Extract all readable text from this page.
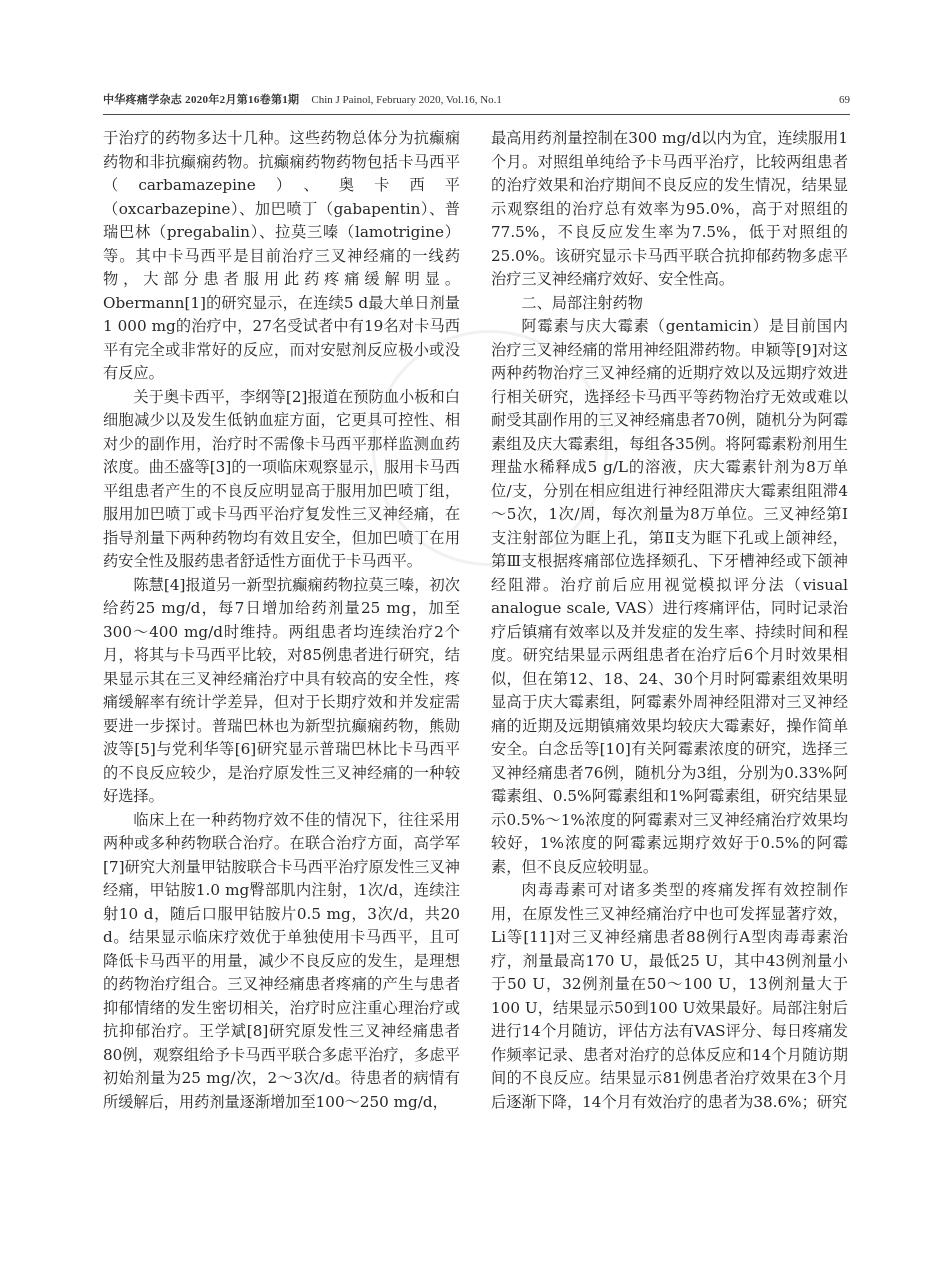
中华疼痛学杂志 2020年2月第16卷第1期 Chin J Painol, February 2020, Vol.16, No.1	69

于治疗的药物多达十几种。这些药物总体分为抗癫痫药物和非抗癫痫药物。抗癫痫药物药物包括卡马西平（carbamazepine）、奥卡西平（oxcarbazepine）、加巴喷丁（gabapentin）、普瑞巴林（pregabalin）、拉莫三嗪（lamotrigine）等。其中卡马西平是目前治疗三叉神经痛的一线药物，大部分患者服用此药疼痛缓解明显。Obermann[1]的研究显示，在连续5 d最大单日剂量1 000 mg的治疗中，27名受试者中有19名对卡马西平有完全或非常好的反应，而对安慰剂反应极小或没有反应。

关于奥卡西平，李纲等[2]报道在预防血小板和白细胞减少以及发生低钠血症方面，它更具可控性、相对少的副作用，治疗时不需像卡马西平那样监测血药浓度。曲丕盛等[3]的一项临床观察显示，服用卡马西平组患者产生的不良反应明显高于服用加巴喷丁组，服用加巴喷丁或卡马西平治疗复发性三叉神经痛，在指导剂量下两种药物均有效且安全，但加巴喷丁在用药安全性及服药患者舒适性方面优于卡马西平。

陈慧[4]报道另一新型抗癫痫药物拉莫三嗪，初次给药25 mg/d，每7日增加给药剂量25 mg，加至300～400 mg/d时维持。两组患者均连续治疗2个月，将其与卡马西平比较，对85例患者进行研究，结果显示其在三叉神经痛治疗中具有较高的安全性，疼痛缓解率有统计学差异，但对于长期疗效和并发症需要进一步探讨。普瑞巴林也为新型抗癫痫药物，熊勋波等[5]与党利华等[6]研究显示普瑞巴林比卡马西平的不良反应较少，是治疗原发性三叉神经痛的一种较好选择。

临床上在一种药物疗效不佳的情况下，往往采用两种或多种药物联合治疗。在联合治疗方面，高学军[7]研究大剂量甲钴胺联合卡马西平治疗原发性三叉神经痛，甲钴胺1.0 mg臀部肌内注射，1次/d，连续注射10 d，随后口服甲钴胺片0.5 mg，3次/d，共20 d。结果显示临床疗效优于单独使用卡马西平，且可降低卡马西平的用量，减少不良反应的发生，是理想的药物治疗组合。三叉神经痛患者疼痛的产生与患者抑郁情绪的发生密切相关，治疗时应注重心理治疗或抗抑郁治疗。王学斌[8]研究原发性三叉神经痛患者80例，观察组给予卡马西平联合多虑平治疗，多虑平初始剂量为25 mg/次，2～3次/d。待患者的病情有所缓解后，用药剂量逐渐增加至100～250 mg/d，

最高用药剂量控制在300 mg/d以内为宜，连续服用1个月。对照组单纯给予卡马西平治疗，比较两组患者的治疗效果和治疗期间不良反应的发生情况，结果显示观察组的治疗总有效率为95.0%，高于对照组的77.5%，不良反应发生率为7.5%，低于对照组的25.0%。该研究显示卡马西平联合抗抑郁药物多虑平治疗三叉神经痛疗效好、安全性高。

二、局部注射药物

阿霉素与庆大霉素（gentamicin）是目前国内治疗三叉神经痛的常用神经阻滞药物。申颖等[9]对这两种药物治疗三叉神经痛的近期疗效以及远期疗效进行相关研究，选择经卡马西平等药物治疗无效或难以耐受其副作用的三叉神经痛患者70例，随机分为阿霉素组及庆大霉素组，每组各35例。将阿霉素粉剂用生理盐水稀释成5 g/L的溶液，庆大霉素针剂为8万单位/支，分别在相应组进行神经阻滞庆大霉素组阻滞4～5次，1次/周，每次剂量为8万单位。三叉神经第Ⅰ支注射部位为眶上孔，第Ⅱ支为眶下孔或上颌神经，第Ⅲ支根据疼痛部位选择颏孔、下牙槽神经或下颌神经阻滞。治疗前后应用视觉模拟评分法（visual analogue scale, VAS）进行疼痛评估，同时记录治疗后镇痛有效率以及并发症的发生率、持续时间和程度。研究结果显示两组患者在治疗后6个月时效果相似，但在第12、18、24、30个月时阿霉素组效果明显高于庆大霉素组，阿霉素外周神经阻滞对三叉神经痛的近期及远期镇痛效果均较庆大霉素好，操作简单安全。白念岳等[10]有关阿霉素浓度的研究，选择三叉神经痛患者76例，随机分为3组，分别为0.33%阿霉素组、0.5%阿霉素组和1%阿霉素组，研究结果显示0.5%～1%浓度的阿霉素对三叉神经痛治疗效果均较好，1%浓度的阿霉素远期疗效好于0.5%的阿霉素，但不良反应较明显。

肉毒毒素可对诸多类型的疼痛发挥有效控制作用，在原发性三叉神经痛治疗中也可发挥显著疗效，Li等[11]对三叉神经痛患者88例行A型肉毒毒素治疗，剂量最高170 U，最低25 U，其中43例剂量小于50 U，32例剂量在50～100 U，13例剂量大于100 U，结果显示50到100 U效果最好。局部注射后进行14个月随访，评估方法有VAS评分、每日疼痛发作频率记录、患者对治疗的总体反应和14个月随访期间的不良反应。结果显示81例患者治疗效果在3个月后逐渐下降，14个月有效治疗的患者为38.6%；研究
